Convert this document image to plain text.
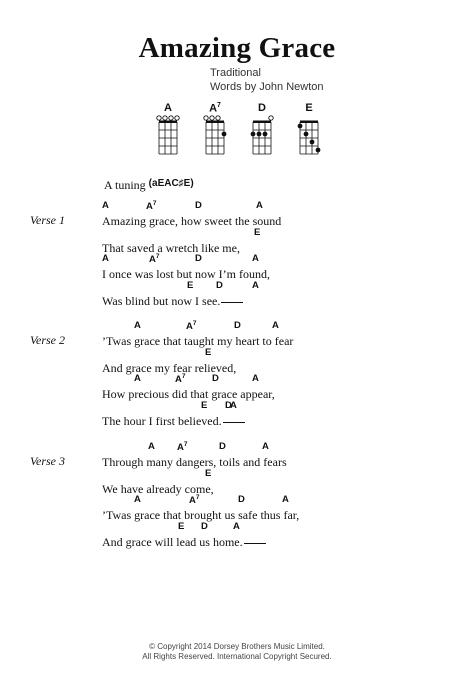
Amazing Grace
Traditional
Words by John Newton
A	$A^7$	D	E
A tuning $^{(aEAC♯E)}$
Verse 1
A	$A^7$	D	A
Amazing grace, how sweet the sound
E
That saved a wretch like me,
A	$A^7$	D	A
I once was lost but now I’m found,
E D	A
Was blind but now I see.
Verse 2
A	$A^7$	D	A
’Twas grace that taught my heart to fear
E
And grace my fear relieved,
A	$A^7$	D	A
How precious did that grace appear,
E D
A
The hour I first believed.
Verse 3
A $A^7$	D	A
Through many dangers, toils and fears
E
We have already come,
A	$A^7$	D	A
’Twas grace that brought us safe thus far,
E D	A
And grace will lead us home.
© Copyright 2014 Dorsey Brothers Music Limited.
All Rights Reserved. International Copyright Secured.
